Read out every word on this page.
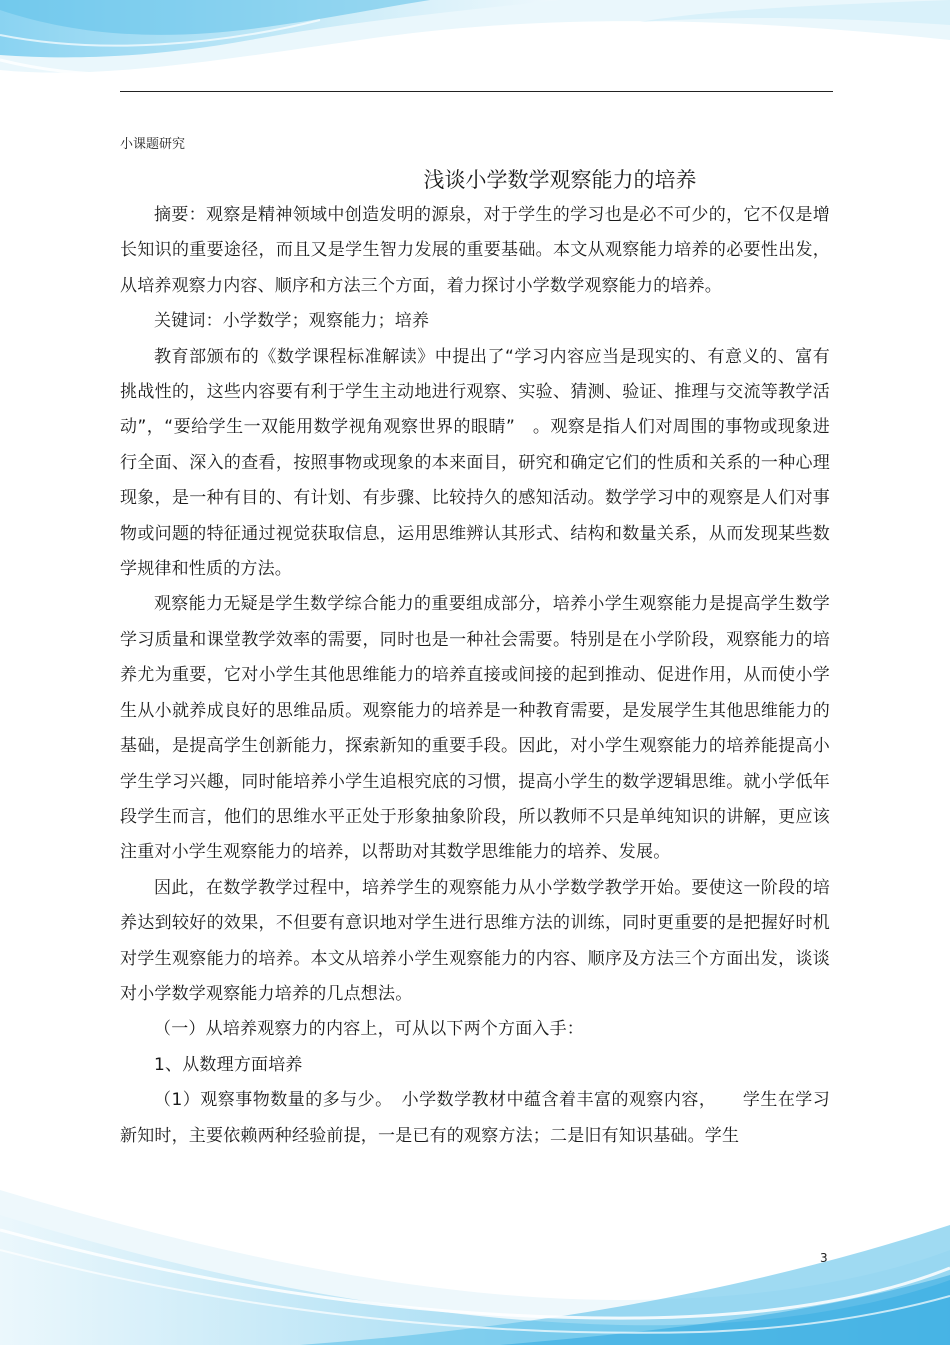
小课题研究
浅谈小学数学观察能力的培养

摘要：观察是精神领域中创造发明的源泉，对于学生的学习也是必不可少的，它不仅是增长知识的重要途径，而且又是学生智力发展的重要基础。本文从观察能力培养的必要性出发，从培养观察力内容、顺序和方法三个方面，着力探讨小学数学观察能力的培养。

关键词：小学数学；观察能力；培养

教育部颁布的《数学课程标准解读》中提出了“学习内容应当是现实的、有意义的、富有挑战性的，这些内容要有利于学生主动地进行观察、实验、猜测、验证、推理与交流等教学活动”，“要给学生一双能用数学视角观察世界的眼睛”　。观察是指人们对周围的事物或现象进行全面、深入的查看，按照事物或现象的本来面目，研究和确定它们的性质和关系的一种心理现象，是一种有目的、有计划、有步骤、比较持久的感知活动。数学学习中的观察是人们对事物或问题的特征通过视觉获取信息，运用思维辨认其形式、结构和数量关系，从而发现某些数学规律和性质的方法。

观察能力无疑是学生数学综合能力的重要组成部分，培养小学生观察能力是提高学生数学学习质量和课堂教学效率的需要，同时也是一种社会需要。特别是在小学阶段，观察能力的培养尤为重要，它对小学生其他思维能力的培养直接或间接的起到推动、促进作用，从而使小学生从小就养成良好的思维品质。观察能力的培养是一种教育需要，是发展学生其他思维能力的基础，是提高学生创新能力，探索新知的重要手段。因此，对小学生观察能力的培养能提高小学生学习兴趣，同时能培养小学生追根究底的习惯，提高小学生的数学逻辑思维。就小学低年段学生而言，他们的思维水平正处于形象抽象阶段，所以教师不只是单纯知识的讲解，更应该注重对小学生观察能力的培养，以帮助对其数学思维能力的培养、发展。

因此，在数学教学过程中，培养学生的观察能力从小学数学教学开始。要使这一阶段的培养达到较好的效果，不但要有意识地对学生进行思维方法的训练，同时更重要的是把握好时机对学生观察能力的培养。本文从培养小学生观察能力的内容、顺序及方法三个方面出发，谈谈对小学数学观察能力培养的几点想法。

（一）从培养观察力的内容上，可从以下两个方面入手：

1、从数理方面培养

（1）观察事物数量的多与少。　小学数学教材中蕴含着丰富的观察内容，　　学生在学习新知时，主要依赖两种经验前提，一是已有的观察方法；二是旧有知识基础。学生

3
